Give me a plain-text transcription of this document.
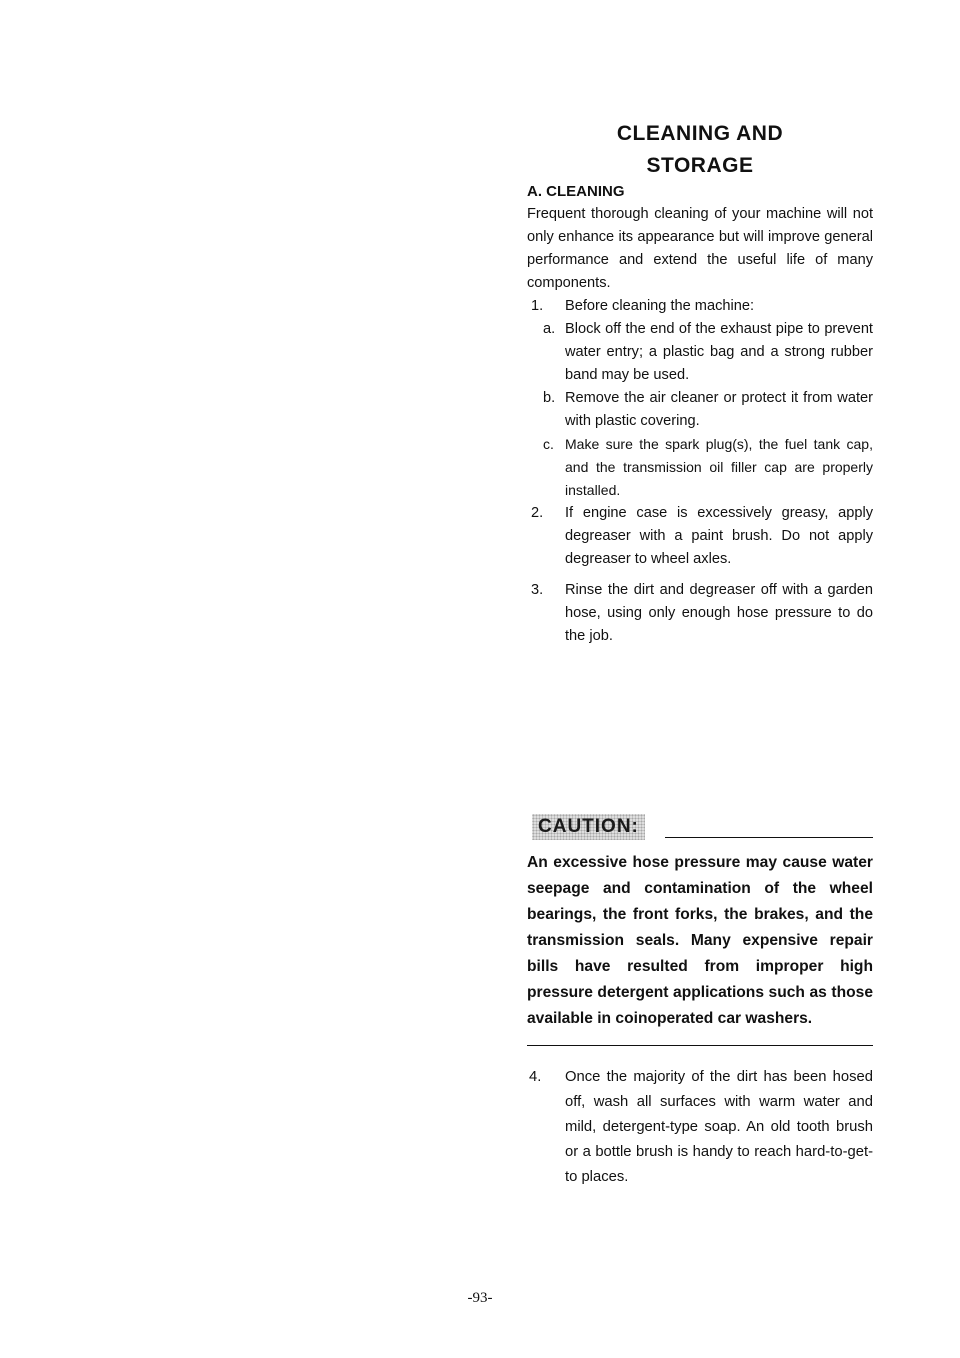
CLEANING AND
STORAGE
A. CLEANING
Frequent thorough cleaning of your machine will not only enhance its appearance but will improve general performance and extend the useful life of many components.
1.	Before cleaning the machine:
a. Block off the end of the exhaust pipe to prevent water entry; a plastic bag and a strong rubber band may be used.
b. Remove the air cleaner or protect it from water with plastic covering.
c. Make sure the spark plug(s), the fuel tank cap, and the transmission oil filler cap are properly installed.
2.	If engine case is excessively greasy, apply degreaser with a paint brush. Do not apply degreaser to wheel axles.
3.	Rinse the dirt and degreaser off with a garden hose, using only enough hose pressure to do the job.
CAUTION:
An excessive hose pressure may cause water seepage and contamination of the wheel bearings, the front forks, the brakes, and the transmission seals. Many expensive repair bills have resulted from improper high pressure detergent applications such as those available in coinoperated car washers.
4.	Once the majority of the dirt has been hosed off, wash all surfaces with warm water and mild, detergent-type soap. An old tooth brush or a bottle brush is handy to reach hard-to-get-to places.
-93-
